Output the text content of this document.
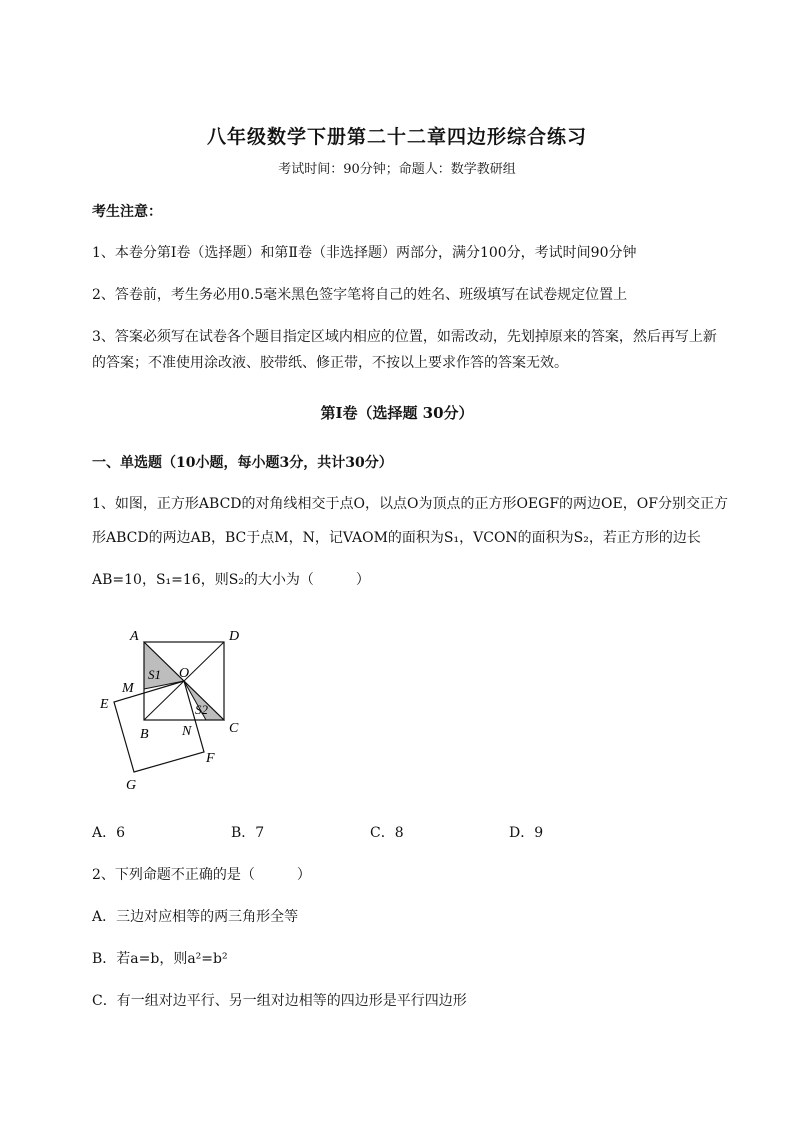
八年级数学下册第二十二章四边形综合练习
考试时间：90分钟；命题人：数学教研组
考生注意：
1、本卷分第I卷（选择题）和第Ⅱ卷（非选择题）两部分，满分100分，考试时间90分钟
2、答卷前，考生务必用0.5毫米黑色签字笔将自己的姓名、班级填写在试卷规定位置上
3、答案必须写在试卷各个题目指定区域内相应的位置，如需改动，先划掉原来的答案，然后再写上新
的答案；不准使用涂改液、胶带纸、修正带，不按以上要求作答的答案无效。
第I卷（选择题 30分）
一、单选题（10小题，每小题3分，共计30分）
1、如图，正方形ABCD的对角线相交于点O，以点O为顶点的正方形OEGF的两边OE，OF分别交正方
形ABCD的两边AB，BC于点M，N，记VAOM的面积为S₁，VCON的面积为S₂，若正方形的边长
AB=10，S₁=16，则S₂的大小为（　　　）
A	D
B	C
E
F
G
M
N
O
S1
S2
A．6	B．7	C．8	D．9
2、下列命题不正确的是（　　　）
A．三边对应相等的两三角形全等
B．若a=b，则a²=b²
C．有一组对边平行、另一组对边相等的四边形是平行四边形
